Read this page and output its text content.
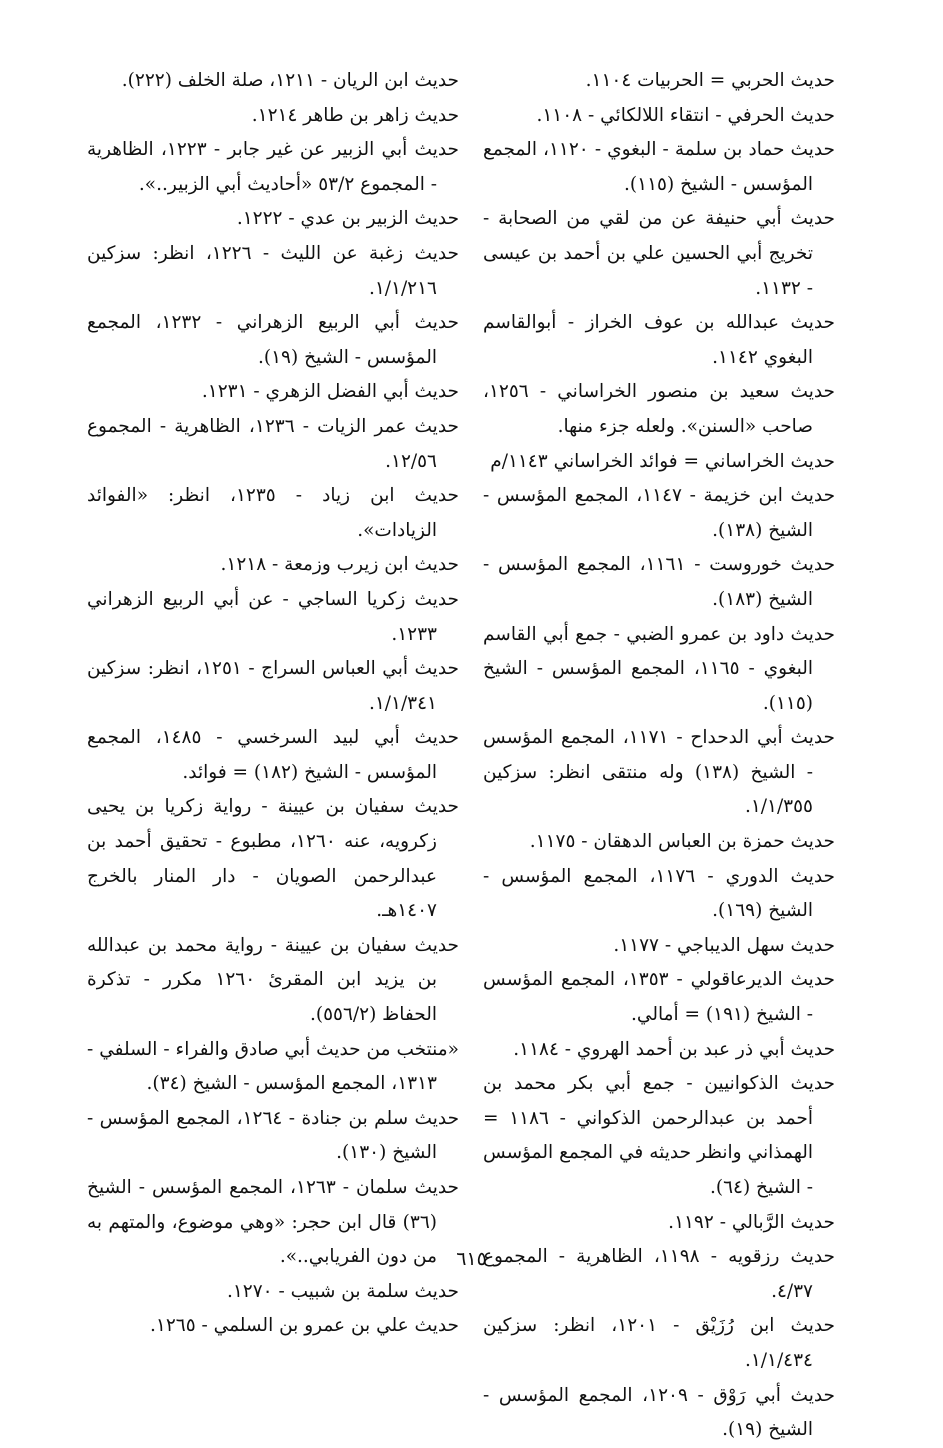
حديث الحربي = الحربيات ١١٠٤.

حديث الحرفي - انتقاء اللالكائي - ١١٠٨.

حديث حماد بن سلمة - البغوي - ١١٢٠، المجمع المؤسس - الشيخ (١١٥).

حديث أبي حنيفة عن من لقي من الصحابة - تخريج أبي الحسين علي بن أحمد بن عيسى - ١١٣٢.

حديث عبدالله بن عوف الخراز - أبوالقاسم البغوي ١١٤٢.

حديث سعيد بن منصور الخراساني - ١٢٥٦، صاحب «السنن». ولعله جزء منها.

حديث الخراساني = فوائد الخراساني ١١٤٣/م

حديث ابن خزيمة - ١١٤٧، المجمع المؤسس - الشيخ (١٣٨).

حديث خوروست - ١١٦١، المجمع المؤسس - الشيخ (١٨٣).

حديث داود بن عمرو الضبي - جمع أبي القاسم البغوي - ١١٦٥، المجمع المؤسس - الشيخ (١١٥).

حديث أبي الدحداح - ١١٧١، المجمع المؤسس - الشيخ (١٣٨) وله منتقى انظر: سزكين ١/١/٣٥٥.

حديث حمزة بن العباس الدهقان - ١١٧٥.

حديث الدوري - ١١٧٦، المجمع المؤسس - الشيخ (١٦٩).

حديث سهل الديباجي - ١١٧٧.

حديث الديرعاقولي - ١٣٥٣، المجمع المؤسس - الشيخ (١٩١) = أمالي.

حديث أبي ذر عبد بن أحمد الهروي - ١١٨٤.

حديث الذكوانيين - جمع أبي بكر محمد بن أحمد بن عبدالرحمن الذكواني - ١١٨٦ = الهمذاني وانظر حديثه في المجمع المؤسس - الشيخ (٦٤).

حديث الرَّبالي - ١١٩٢.

حديث رزقويه - ١١٩٨، الظاهرية - المجموع ٤/٣٧.

حديث ابن رُزَيْق - ١٢٠١، انظر: سزكين ١/١/٤٣٤.

حديث أبي رَوْق - ١٢٠٩، المجمع المؤسس - الشيخ (١٩).

حديث ابن الريان - ١٢١١، صلة الخلف (٢٢٢).

حديث زاهر بن طاهر ١٢١٤.

حديث أبي الزبير عن غير جابر - ١٢٢٣، الظاهرية - المجموع ٥٣/٢ «أحاديث أبي الزبير..».

حديث الزبير بن عدي - ١٢٢٢.

حديث زغبة عن الليث - ١٢٢٦، انظر: سزكين ١/١/٢١٦.

حديث أبي الربيع الزهراني - ١٢٣٢، المجمع المؤسس - الشيخ (١٩).

حديث أبي الفضل الزهري - ١٢٣١.

حديث عمر الزيات - ١٢٣٦، الظاهرية - المجموع ١٢/٥٦.

حديث ابن زياد - ١٢٣٥، انظر: «الفوائد الزيادات».

حديث ابن زيرب وزمعة - ١٢١٨.

حديث زكريا الساجي - عن أبي الربيع الزهراني ١٢٣٣.

حديث أبي العباس السراج - ١٢٥١، انظر: سزكين ١/١/٣٤١.

حديث أبي لبيد السرخسي - ١٤٨٥، المجمع المؤسس - الشيخ (١٨٢) = فوائد.

حديث سفيان بن عيينة - رواية زكريا بن يحيى زكرويه، عنه ١٢٦٠، مطبوع - تحقيق أحمد بن عبدالرحمن الصويان - دار المنار بالخرج ١٤٠٧هـ.

حديث سفيان بن عيينة - رواية محمد بن عبدالله بن يزيد ابن المقرئ ١٢٦٠ مكرر - تذكرة الحفاظ (٥٥٦/٢).

«منتخب من حديث أبي صادق والفراء - السلفي - ١٣١٣، المجمع المؤسس - الشيخ (٣٤).

حديث سلم بن جنادة - ١٢٦٤، المجمع المؤسس - الشيخ (١٣٠).

حديث سلمان - ١٢٦٣، المجمع المؤسس - الشيخ (٣٦) قال ابن حجر: «وهي موضوع، والمتهم به من دون الفريابي..».

حديث سلمة بن شبيب - ١٢٧٠.

حديث علي بن عمرو بن السلمي - ١٢٦٥.

٦١٥
